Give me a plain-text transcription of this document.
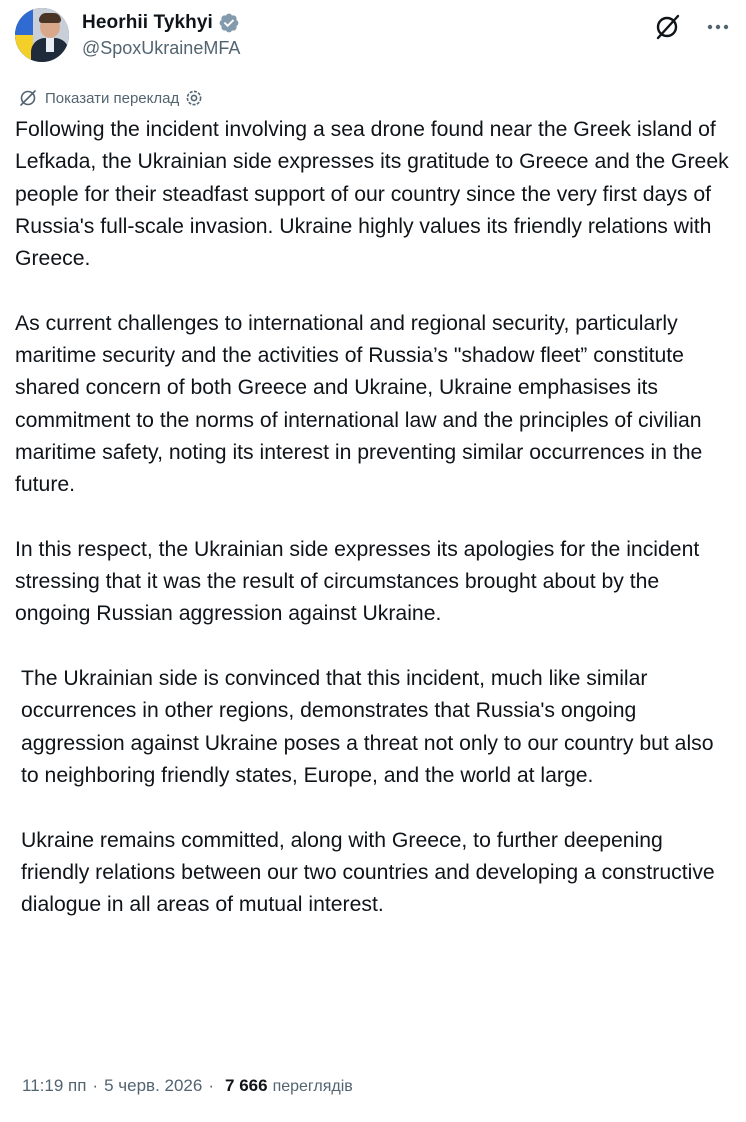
Heorhii Tykhyi
@SpoxUkraineMFA
Показати переклад

Following the incident involving a sea drone found near the Greek island of Lefkada, the Ukrainian side expresses its gratitude to Greece and the Greek people for their steadfast support of our country since the very first days of Russia's full-scale invasion. Ukraine highly values its friendly relations with Greece.

As current challenges to international and regional security, particularly maritime security and the activities of Russia’s "shadow fleet” constitute shared concern of both Greece and Ukraine, Ukraine emphasises its commitment to the norms of international law and the principles of civilian maritime safety, noting its interest in preventing similar occurrences in the future.

In this respect, the Ukrainian side expresses its apologies for the incident stressing that it was the result of circumstances brought about by the ongoing Russian aggression against Ukraine.

The Ukrainian side is convinced that this incident, much like similar occurrences in other regions, demonstrates that Russia's ongoing aggression against Ukraine poses a threat not only to our country but also to neighboring friendly states, Europe, and the world at large.

Ukraine remains committed, along with Greece, to further deepening friendly relations between our two countries and developing a constructive dialogue in all areas of mutual interest.

11:19 пп · 5 черв. 2026 · 7 666 переглядів
